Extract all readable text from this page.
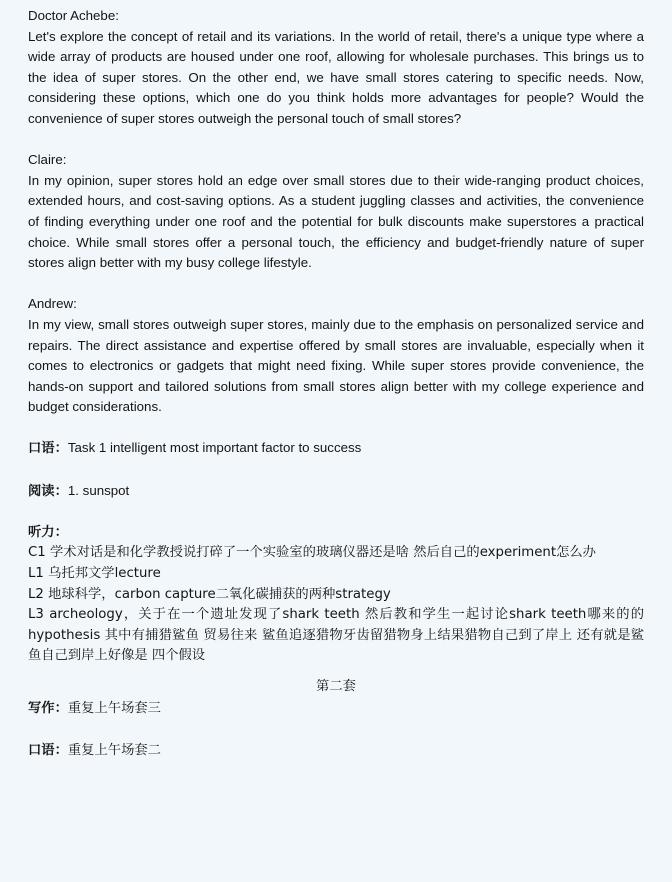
Doctor Achebe:

Let's explore the concept of retail and its variations. In the world of retail, there's a unique type where a wide array of products are housed under one roof, allowing for wholesale purchases. This brings us to the idea of super stores. On the other end, we have small stores catering to specific needs. Now, considering these options, which one do you think holds more advantages for people? Would the convenience of super stores outweigh the personal touch of small stores?

Claire:

In my opinion, super stores hold an edge over small stores due to their wide-ranging product choices, extended hours, and cost-saving options. As a student juggling classes and activities, the convenience of finding everything under one roof and the potential for bulk discounts make superstores a practical choice. While small stores offer a personal touch, the efficiency and budget-friendly nature of super stores align better with my busy college lifestyle.

Andrew:

In my view, small stores outweigh super stores, mainly due to the emphasis on personalized service and repairs. The direct assistance and expertise offered by small stores are invaluable, especially when it comes to electronics or gadgets that might need fixing. While super stores provide convenience, the hands-on support and tailored solutions from small stores align better with my college experience and budget considerations.

口语：Task 1 intelligent most important factor to success

阅读：1. sunspot

听力：

C1 学术对话是和化学教授说打碎了一个实验室的玻璃仪器还是啥 然后自己的experiment怎么办

L1 乌托邦文学lecture

L2 地球科学，carbon capture二氧化碳捕获的两种strategy

L3 archeology，关于在一个遗址发现了shark teeth 然后教和学生一起讨论shark teeth哪来的的hypothesis 其中有捕猎鲨鱼 贸易往来 鲨鱼追逐猎物牙齿留猎物身上结果猎物自己到了岸上 还有就是鲨鱼自己到岸上好像是 四个假设

第二套

写作：重复上午场套三

口语：重复上午场套二
